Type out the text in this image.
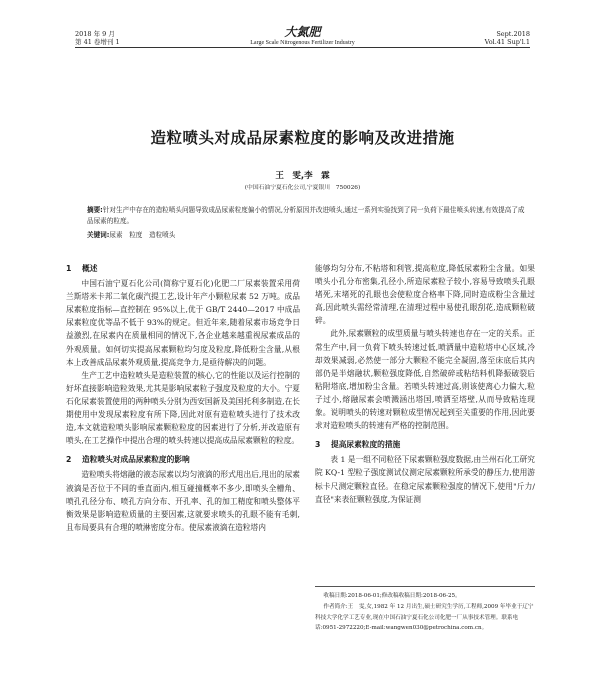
2018 年 9 月
第 41 卷增刊 1
大氮肥
Large Scale Nitrogenous Fertilizer Industry
Sept.2018
Vol.41 Sup'l.1
造粒喷头对成品尿素粒度的影响及改进措施
王　雯,李　霖
(中国石油宁夏石化公司,宁夏银川　750026)
摘要:针对生产中存在的造粒喷头问题导致成品尿素粒度偏小的情况,分析原因并改进喷头,通过一系列实验找到了同一负荷下最佳喷头转速,有效提高了成品尿素的粒度。
关键词:尿素　粒度　造粒喷头
1 概述

中国石油宁夏石化公司(简称宁夏石化)化肥二厂尿素装置采用荷兰斯塔米卡邦二氧化碳汽提工艺,设计年产小颗粒尿素 52 万吨。成品尿素粒度指标—直控制在 95%以上,优于 GB/T 2440—2017 中成品尿素粒度优等品不低于 93%的规定。但近年来,随着尿素市场竞争日益激烈,在尿素内在质量相同的情况下,各企业越来越重视尿素成品的外观质量。如何切实提高尿素颗粒均匀度及粒度,降低粉尘含量,从根本上改善成品尿素外观质量,提高竞争力,是亟待解决的问题。

生产工艺中造粒喷头是造粒装置的核心,它的性能以及运行控制的好坏直接影响造粒效果,尤其是影响尿素粒子强度及粒度的大小。宁夏石化尿素装置使用的两种喷头分别为西安国新及美国托利多制造,在长期使用中发现尿素粒度有所下降,因此对原有造粒喷头进行了技术改造,本文就造粒喷头影响尿素颗粒粒度的因素进行了分析,并改造原有喷头,在工艺操作中提出合理的喷头转速以提高成品尿素颗粒的粒度。

2 造粒喷头对成品尿素粒度的影响

造粒喷头将熔融的液态尿素以均匀液滴的形式甩出后,甩出的尿素液滴是否位于不同的垂直面内,相互碰撞概率不多少,即喷头全槽角、喷孔孔径分布、喷孔方向分布、开孔率、孔的加工精度和喷头整体平衡效果是影响造粒质量的主要因素,这就要求喷头的孔眼不能有毛刺,且布局要具有合理的喷淋密度分布。使尿素液滴在造粒塔内

能够均匀分布,不粘塔和利管,提高粒度,降低尿素粉尘含量。如果喷头小孔分布密集,孔径小,所造尿素粒子较小,容易导致喷头孔眼堵死,末堵死的孔眼也会使粒度合格率下降,同时造成粉尘含量过高,因此喷头需经常清理,在清理过程中易使孔眼刮花,造成颗粒破碎。

此外,尿素颗粒的成型质量与喷头转速也存在一定的关系。正常生产中,同一负荷下喷头转速过低,喷洒量中造粒塔中心区域,冷却效果减弱,必然使一部分大颗粒不能完全凝固,落至床底后其内部仍是半熔融状,颗粒强度降低,自然破碎或粘结料机降振破裂后粘附塔底,增加粉尘含量。若喷头转速过高,则该使离心力偏大,粒子过小,熔融尿素会喷溅涵出塔国,喷洒至塔壁,从而导致粘连现象。说明喷头的转速对颗粒成型情况起到至关重要的作用,因此要求对造粒喷头的转速有严格的控制范围。

3 提高尿素粒度的措施

表 1 是一组不同粒径下尿素颗粒强度数据,由兰州石化工研究院 KQ-1 型粒子强度测试仪测定尿素颗粒所承受的静压力,使用游标卡尺测定颗粒直径。在稳定尿素颗粒强度的情况下,使用"斤力/直径"来表征颗粒强度,为保证测

收稿日期:2018-06-01;修改稿收稿日期:2018-06-25。

作者简介:王　雯,女,1982 年 12 月出生,硕士研究生学历,工程师,2009 年毕业于辽宁科技大学化学工艺专业,现在中国石油宁夏石化公司化肥一厂从事技术管理。联系电话:0951-2972220;E-mail:wangwen030@petrochina.com.cn。
